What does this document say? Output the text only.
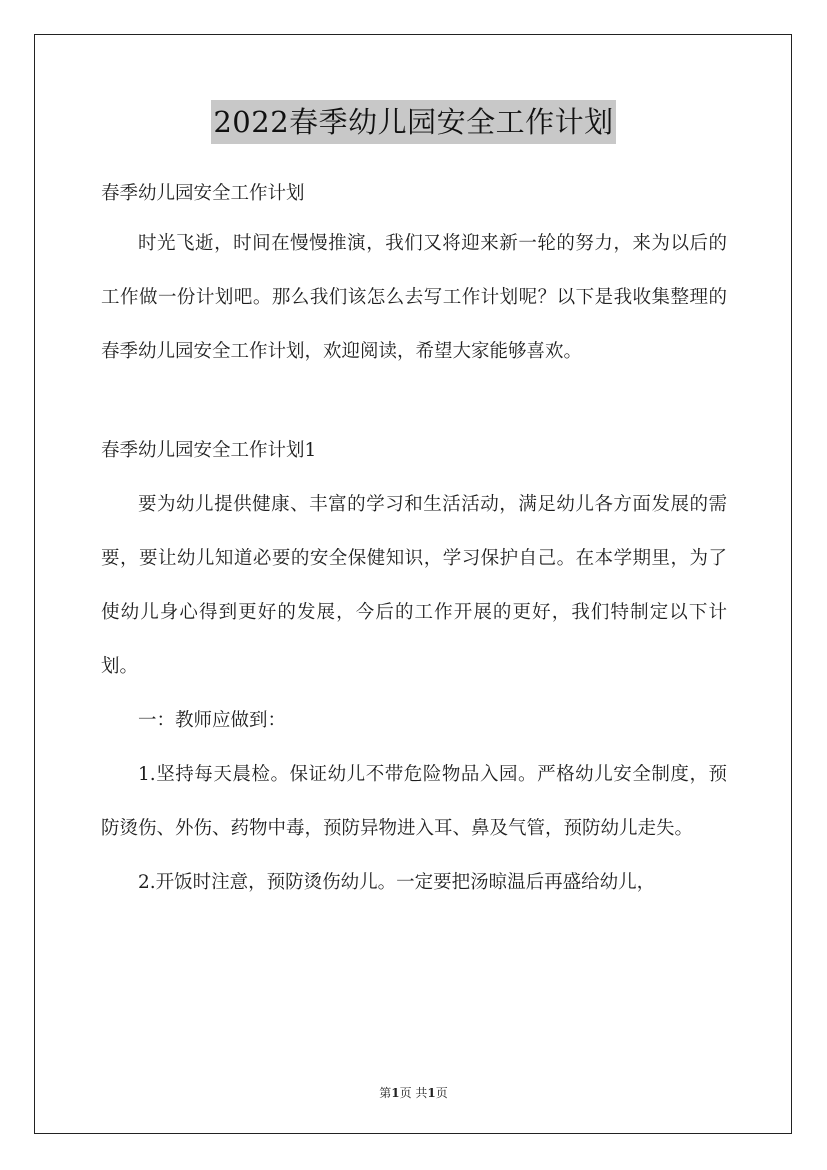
2022春季幼儿园安全工作计划

春季幼儿园安全工作计划

时光飞逝，时间在慢慢推演，我们又将迎来新一轮的努力，来为以后的工作做一份计划吧。那么我们该怎么去写工作计划呢？以下是我收集整理的春季幼儿园安全工作计划，欢迎阅读，希望大家能够喜欢。

春季幼儿园安全工作计划1

要为幼儿提供健康、丰富的学习和生活活动，满足幼儿各方面发展的需要，要让幼儿知道必要的安全保健知识，学习保护自己。在本学期里，为了使幼儿身心得到更好的发展，今后的工作开展的更好，我们特制定以下计划。

一：教师应做到：

1.坚持每天晨检。保证幼儿不带危险物品入园。严格幼儿安全制度，预防烫伤、外伤、药物中毒，预防异物进入耳、鼻及气管，预防幼儿走失。

2.开饭时注意，预防烫伤幼儿。一定要把汤晾温后再盛给幼儿，

第1页 共1页
